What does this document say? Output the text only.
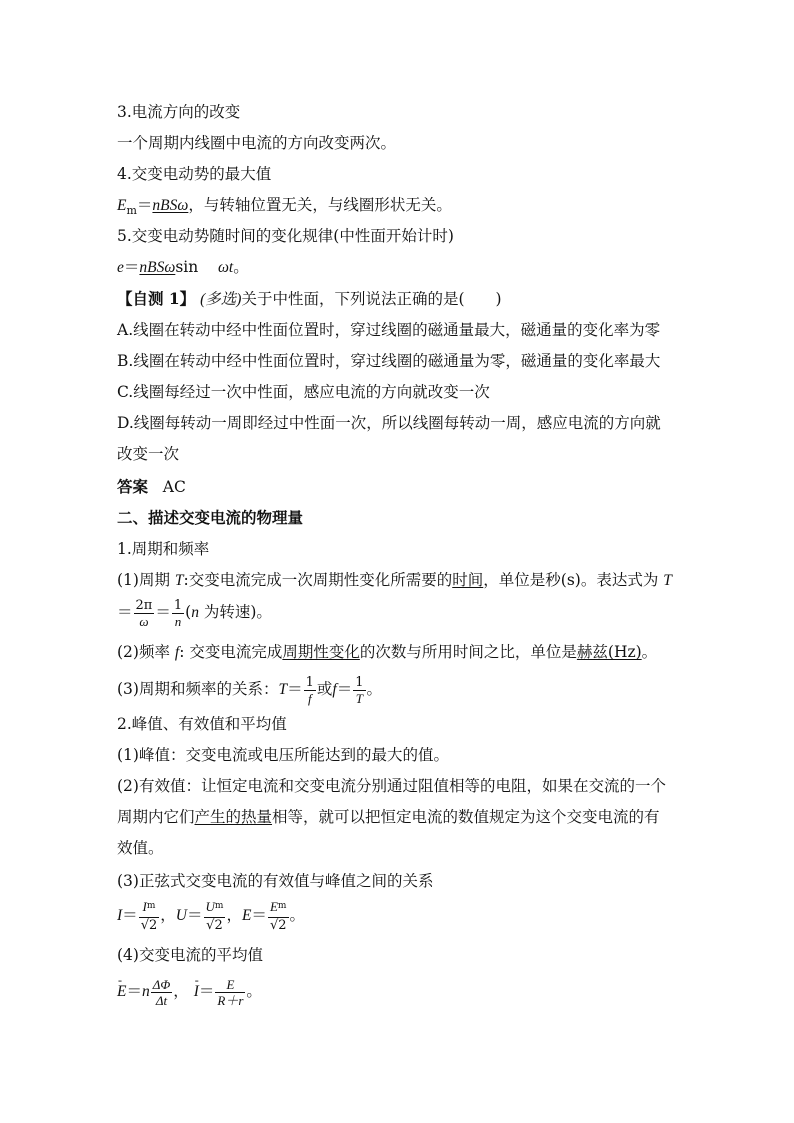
3.电流方向的改变
一个周期内线圈中电流的方向改变两次。
4.交变电动势的最大值
$E_m=nBS\omega$，与转轴位置无关，与线圈形状无关。
5.交变电动势随时间的变化规律(中性面开始计时)
e＝nBSωsin ωt。
【自测 1】 (多选)关于中性面，下列说法正确的是(　　)
A.线圈在转动中经中性面位置时，穿过线圈的磁通量最大，磁通量的变化率为零
B.线圈在转动中经中性面位置时，穿过线圈的磁通量为零，磁通量的变化率最大
C.线圈每经过一次中性面，感应电流的方向就改变一次
D.线圈每转动一周即经过中性面一次，所以线圈每转动一周，感应电流的方向就
改变一次
答案 AC
二、描述交变电流的物理量
1.周期和频率
(1)周期 T:交变电流完成一次周期性变化所需要的时间，单位是秒(s)。表达式为 T
＝ $\frac{2\pi}{\omega} = \frac{1}{n} (n$ 为转速)。
(2)频率 f: 交变电流完成周期性变化的次数与所用时间之比，单位是赫兹(Hz)。
(3)周期和频率的关系：$T= \frac{1}{f}$ 或$f= \frac{1}{T}$ 。
2.峰值、有效值和平均值
(1)峰值：交变电流或电压所能达到的最大的值。
(2)有效值：让恒定电流和交变电流分别通过阻值相等的电阻，如果在交流的一个
周期内它们产生的热量相等，就可以把恒定电流的数值规定为这个交变电流的有
效值。
(3)正弦式交变电流的有效值与峰值之间的关系
$I= \frac{I^m}{√2}$ ，$U= \frac{U^m}{√2}$ ，$E= \frac{E^m}{√2}$ 。
(4)交变电流的平均值
- $E=n \frac{\Delta\Phi}{\Delta t}$ ， - $I= \frac{E}{R+r}$ 。
